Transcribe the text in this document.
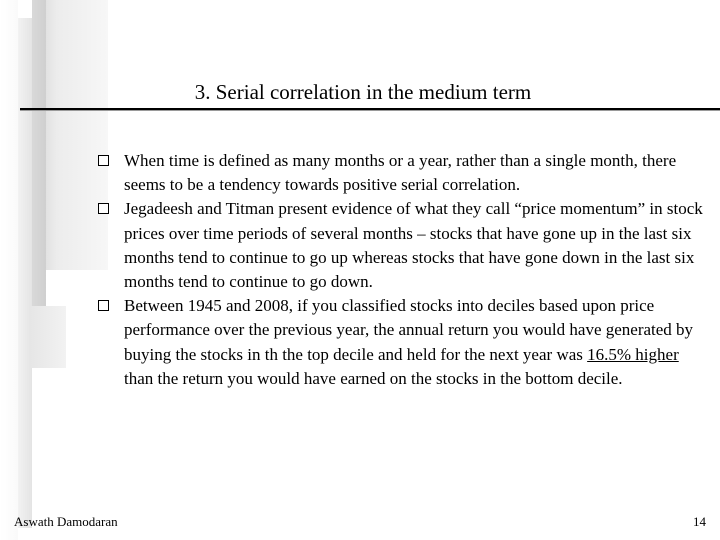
3. Serial correlation in the medium term
When time is defined as many months or a year, rather than a single month, there seems to be a tendency towards positive serial correlation.
Jegadeesh and Titman present evidence of what they call “price momentum” in stock prices over time periods of several months – stocks that have gone up in the last six months tend to continue to go up whereas stocks that have gone down in the last six months tend to continue to go down.
Between 1945 and 2008, if you classified stocks into deciles based upon price performance over the previous year, the annual return you would have generated by buying the stocks in th the top decile and held for the next year was 16.5% higher than the return you would have earned on the stocks in the bottom decile.
Aswath Damodaran	14
